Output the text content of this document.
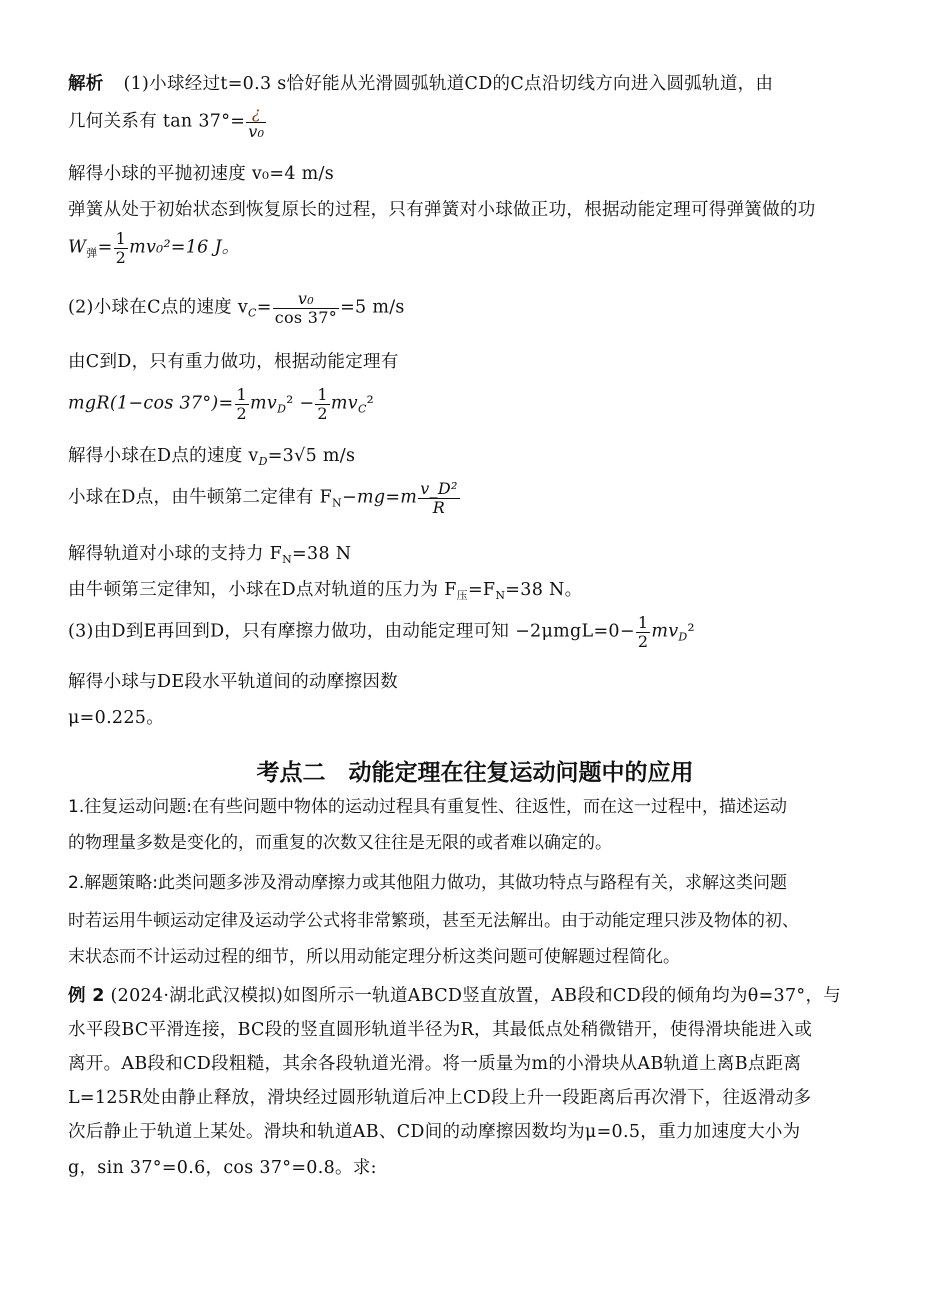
解析 (1)小球经过t=0.3 s恰好能从光滑圆弧轨道CD的C点沿切线方向进入圆弧轨道，由
几何关系有 $\tan 37^\circ= \frac{¿}{\text{v₀}}$
解得小球的平抛初速度 v₀=4 m/s
弹簧从处于初始状态到恢复原长的过程，只有弹簧对小球做正功，根据动能定理可得弹簧做的功
$W_弹= \frac{1}{2} mv_0^2=16$ J。
(2)小球在C点的速度 $v_C= \frac{\text{v₀}}{\cos 37^\circ} =5$ m/s
由C到D，只有重力做功，根据动能定理有
mgR(1−cos $37^\circ)= \frac{1}{2} mv_D^2 - \frac{1}{2} mv_C^2$
解得小球在D点的速度 $v_D=3√5$ m/s
小球在D点，由牛顿第二定律有 $F_N-mg=m \frac{\text{v\_D²}}{R}$
解得轨道对小球的支持力 $F_N=38$ N
由牛顿第三定律知，小球在D点对轨道的压力为 $F_压=F_N=38$ N。
(3)由D到E再回到D，只有摩擦力做功，由动能定理可知 $-2\mu mgL=0- \frac{1}{2} mv_D^2$
解得小球与DE段水平轨道间的动摩擦因数
μ=0.225。
考点二　动能定理在往复运动问题中的应用
1.往复运动问题:在有些问题中物体的运动过程具有重复性、往返性，而在这一过程中，描述运动
的物理量多数是变化的，而重复的次数又往往是无限的或者难以确定的。
2.解题策略:此类问题多涉及滑动摩擦力或其他阻力做功，其做功特点与路程有关，求解这类问题
时若运用牛顿运动定律及运动学公式将非常繁琐，甚至无法解出。由于动能定理只涉及物体的初、
末状态而不计运动过程的细节，所以用动能定理分析这类问题可使解题过程简化。
例 2 (2024·湖北武汉模拟)如图所示一轨道ABCD竖直放置，AB段和CD段的倾角均为θ=37°，与
水平段BC平滑连接，BC段的竖直圆形轨道半径为R，其最低点处稍微错开，使得滑块能进入或
离开。AB段和CD段粗糙，其余各段轨道光滑。将一质量为m的小滑块从AB轨道上离B点距离
L=125R处由静止释放，滑块经过圆形轨道后冲上CD段上升一段距离后再次滑下，往返滑动多
次后静止于轨道上某处。滑块和轨道AB、CD间的动摩擦因数均为μ=0.5，重力加速度大小为
g，sin 37°=0.6，cos 37°=0.8。求:
